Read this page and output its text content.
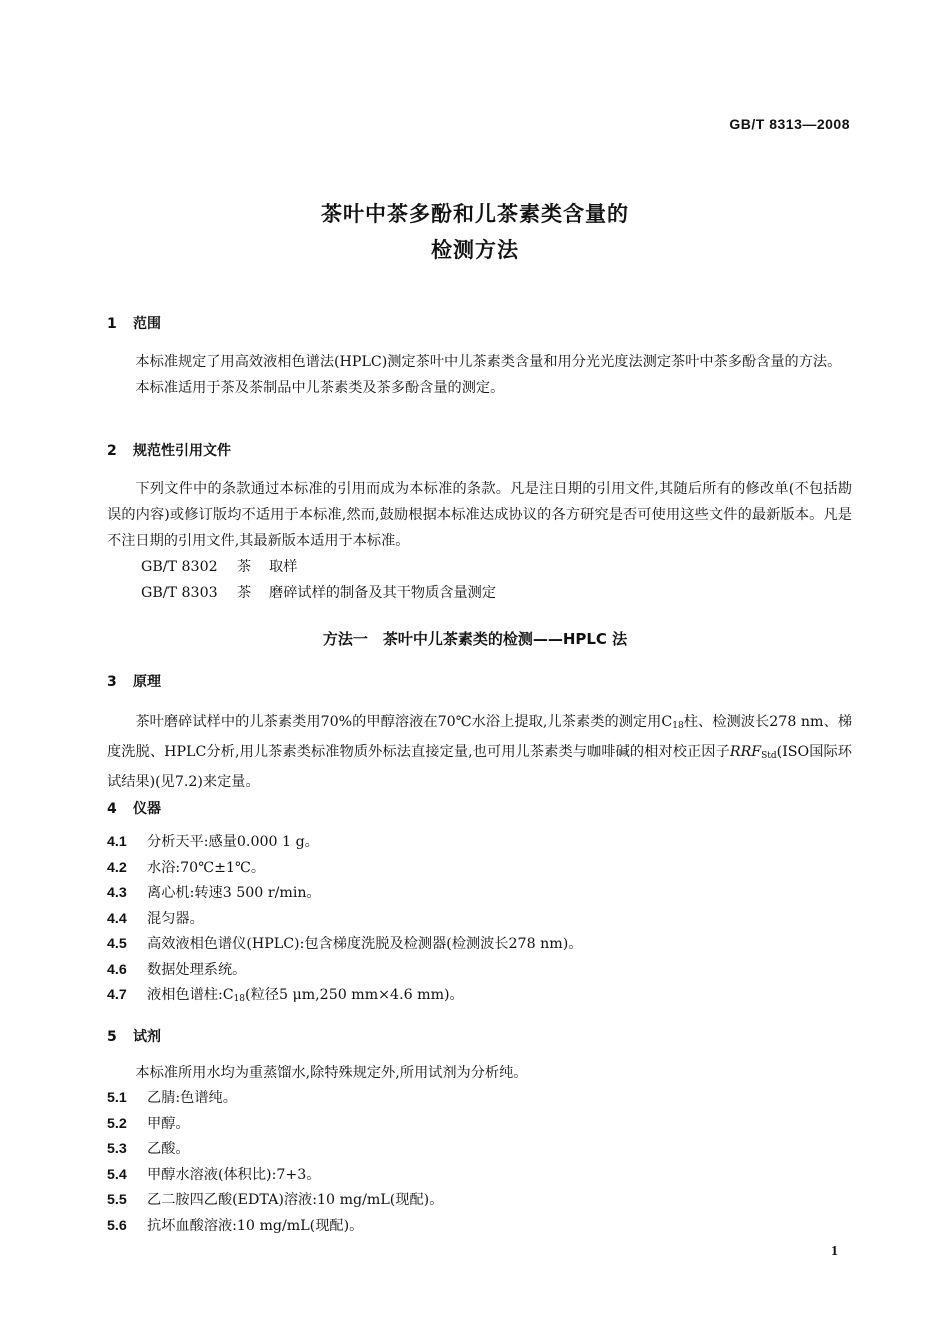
GB/T 8313—2008
茶叶中茶多酚和儿茶素类含量的
检测方法
1 范围
本标准规定了用高效液相色谱法(HPLC)测定茶叶中儿茶素类含量和用分光光度法测定茶叶中茶多酚含量的方法。
本标准适用于茶及茶制品中儿茶素类及茶多酚含量的测定。
2 规范性引用文件
下列文件中的条款通过本标准的引用而成为本标准的条款。凡是注日期的引用文件,其随后所有的修改单(不包括勘误的内容)或修订版均不适用于本标准,然而,鼓励根据本标准达成协议的各方研究是否可使用这些文件的最新版本。凡是不注日期的引用文件,其最新版本适用于本标准。
GB/T 8302 茶 取样
GB/T 8303 茶 磨碎试样的制备及其干物质含量测定
方法一　茶叶中儿茶素类的检测——HPLC 法
3 原理
茶叶磨碎试样中的儿茶素类用70%的甲醇溶液在70℃水浴上提取,儿茶素类的测定用$C_{18}$柱、检测波长278 nm、梯度洗脱、HPLC分析,用儿茶素类标准物质外标法直接定量,也可用儿茶素类与咖啡碱的相对校正因子$RRF_{Std}(ISO$国际环试结果)(见7.2)来定量。
4 仪器
4.1 分析天平:感量0.000 1 g。
4.2 水浴:70℃±1℃。
4.3 离心机:转速3 500 r/min。
4.4 混匀器。
4.5 高效液相色谱仪(HPLC):包含梯度洗脱及检测器(检测波长278 nm)。
4.6 数据处理系统。
4.7 液相色谱柱$:C_{18}$(粒径5 μm,250 mm×4.6 mm)。
5 试剂
本标准所用水均为重蒸馏水,除特殊规定外,所用试剂为分析纯。
5.1 乙腈:色谱纯。
5.2 甲醇。
5.3 乙酸。
5.4 甲醇水溶液(体积比):7+3。
5.5 乙二胺四乙酸(EDTA)溶液:10 mg/mL(现配)。
5.6 抗坏血酸溶液:10 mg/mL(现配)。
1
